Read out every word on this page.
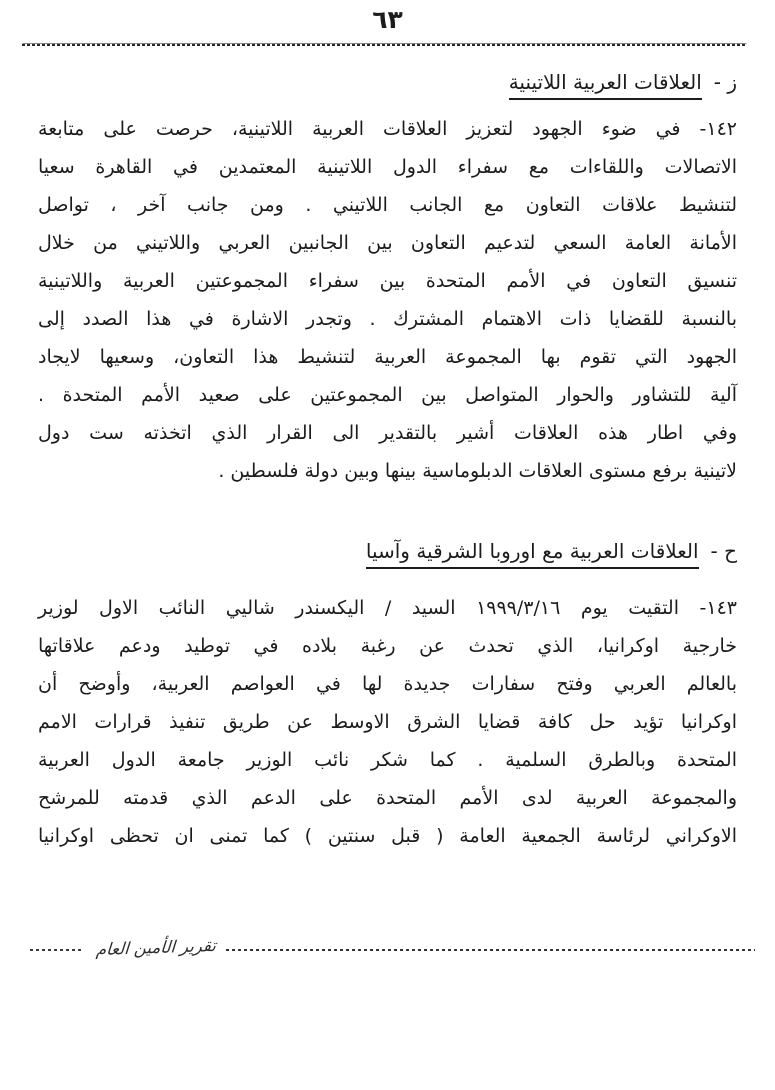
٦٣
ز -العلاقات العربية اللاتينية
١٤٢- في ضوء الجهود لتعزيز العلاقات العربية اللاتينية، حرصت على متابعة
الاتصالات واللقاءات مع سفراء الدول اللاتينية المعتمدين في القاهرة سعيا
لتنشيط علاقات التعاون مع الجانب اللاتيني . ومن جانب آخر ، تواصل
الأمانة العامة السعي لتدعيم التعاون بين الجانبين العربي واللاتيني من خلال
تنسيق التعاون في الأمم المتحدة بين سفراء المجموعتين العربية واللاتينية
بالنسبة للقضايا ذات الاهتمام المشترك . وتجدر الاشارة في هذا الصدد إلى
الجهود التي تقوم بها المجموعة العربية لتنشيط هذا التعاون، وسعيها لايجاد
آلية للتشاور والحوار المتواصل بين المجموعتين على صعيد الأمم المتحدة .
وفي اطار هذه العلاقات أشير بالتقدير الى القرار الذي اتخذته ست دول
لاتينية برفع مستوى العلاقات الدبلوماسية بينها وبين دولة فلسطين .
ح -العلاقات العربية مع اوروبا الشرقية وآسيا
١٤٣- التقيت يوم ١٩٩٩/٣/١٦ السيد / اليكسندر شاليي النائب الاول لوزير
خارجية اوكرانيا، الذي تحدث عن رغبة بلاده في توطيد ودعم علاقاتها
بالعالم العربي وفتح سفارات جديدة لها في العواصم العربية، وأوضح أن
اوكرانيا تؤيد حل كافة قضايا الشرق الاوسط عن طريق تنفيذ قرارات الامم
المتحدة وبالطرق السلمية . كما شكر نائب الوزير جامعة الدول العربية
والمجموعة العربية لدى الأمم المتحدة على الدعم الذي قدمته للمرشح
الاوكراني لرئاسة الجمعية العامة ( قبل سنتين ) كما تمنى ان تحظى اوكرانيا
تقرير الأمين العام
